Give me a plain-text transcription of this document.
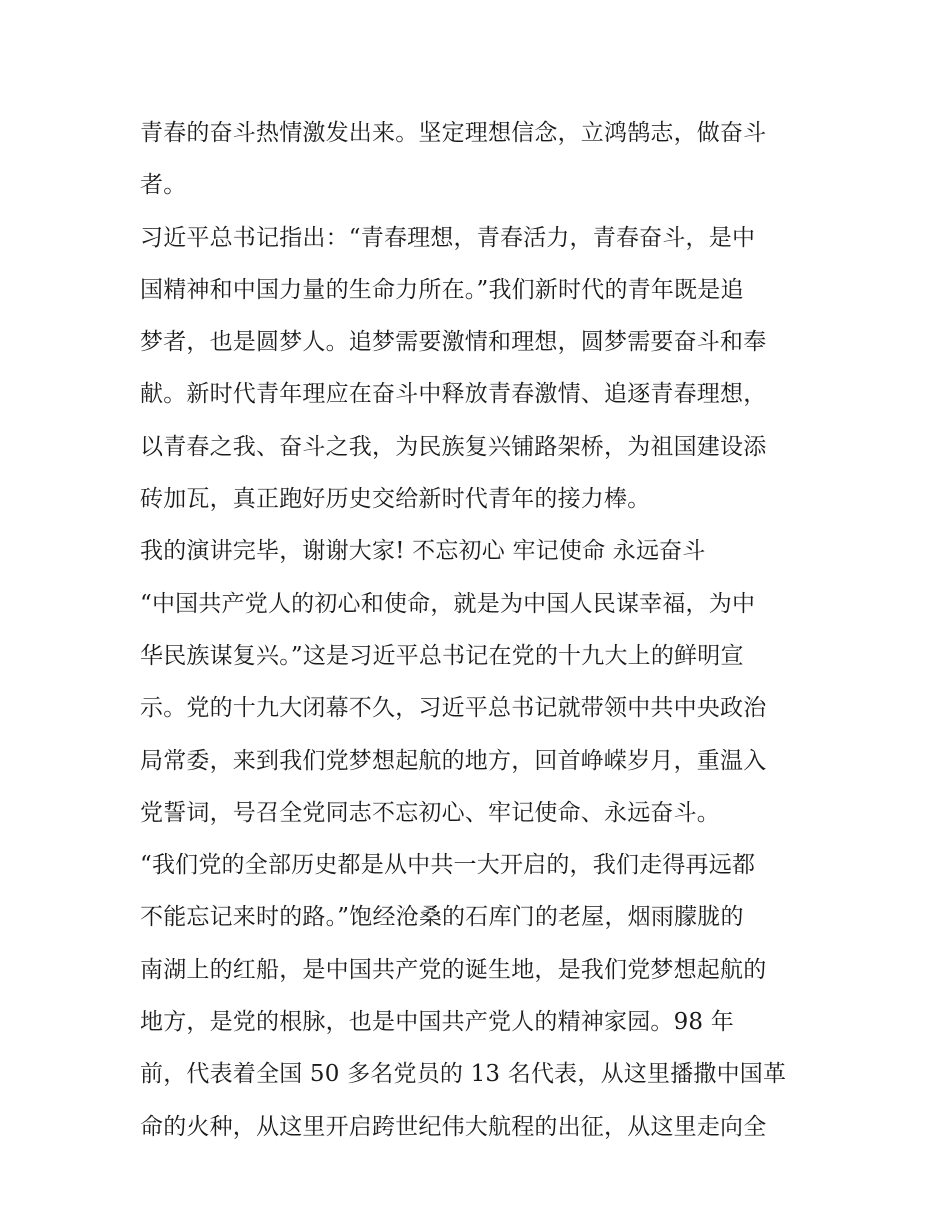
青春的奋斗热情激发出来。坚定理想信念，立鸿鹄志，做奋斗
者。
习近平总书记指出：“青春理想，青春活力，青春奋斗，是中
国精神和中国力量的生命力所在。”我们新时代的青年既是追
梦者，也是圆梦人。追梦需要激情和理想，圆梦需要奋斗和奉
献。新时代青年理应在奋斗中释放青春激情、追逐青春理想，
以青春之我、奋斗之我，为民族复兴铺路架桥，为祖国建设添
砖加瓦，真正跑好历史交给新时代青年的接力棒。
我的演讲完毕，谢谢大家! 不忘初心 牢记使命 永远奋斗
“中国共产党人的初心和使命，就是为中国人民谋幸福，为中
华民族谋复兴。”这是习近平总书记在党的十九大上的鲜明宣
示。党的十九大闭幕不久，习近平总书记就带领中共中央政治
局常委，来到我们党梦想起航的地方，回首峥嵘岁月，重温入
党誓词，号召全党同志不忘初心、牢记使命、永远奋斗。
“我们党的全部历史都是从中共一大开启的，我们走得再远都
不能忘记来时的路。”饱经沧桑的石库门的老屋，烟雨朦胧的
南湖上的红船，是中国共产党的诞生地，是我们党梦想起航的
地方，是党的根脉，也是中国共产党人的精神家园。98 年
前，代表着全国 50 多名党员的 13 名代表，从这里播撒中国革
命的火种，从这里开启跨世纪伟大航程的出征，从这里走向全
